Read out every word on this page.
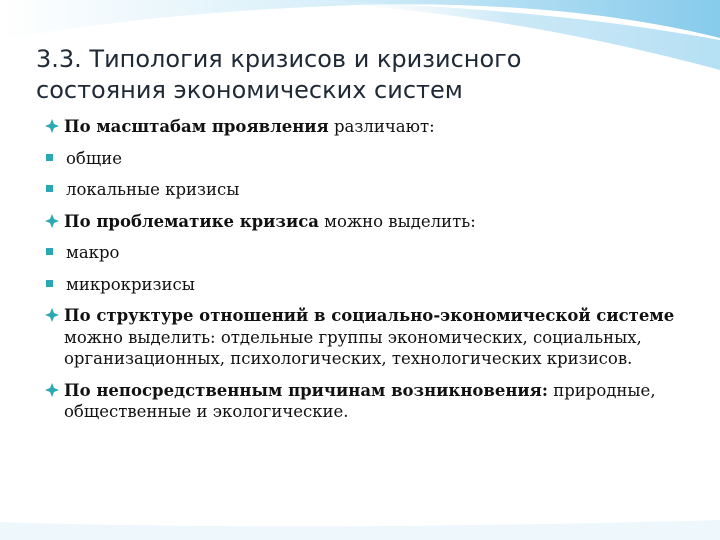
3.3. Типология кризисов и кризисного
состояния экономических систем
По масштабам проявления различают:
общие
локальные кризисы
По проблематике кризиса можно выделить:
макро
микрокризисы
По структуре отношений в социально-экономической системе можно выделить: отдельные группы экономических, социальных, организационных, психологических, технологических кризисов.
По непосредственным причинам возникновения: природные, общественные и экологические.
